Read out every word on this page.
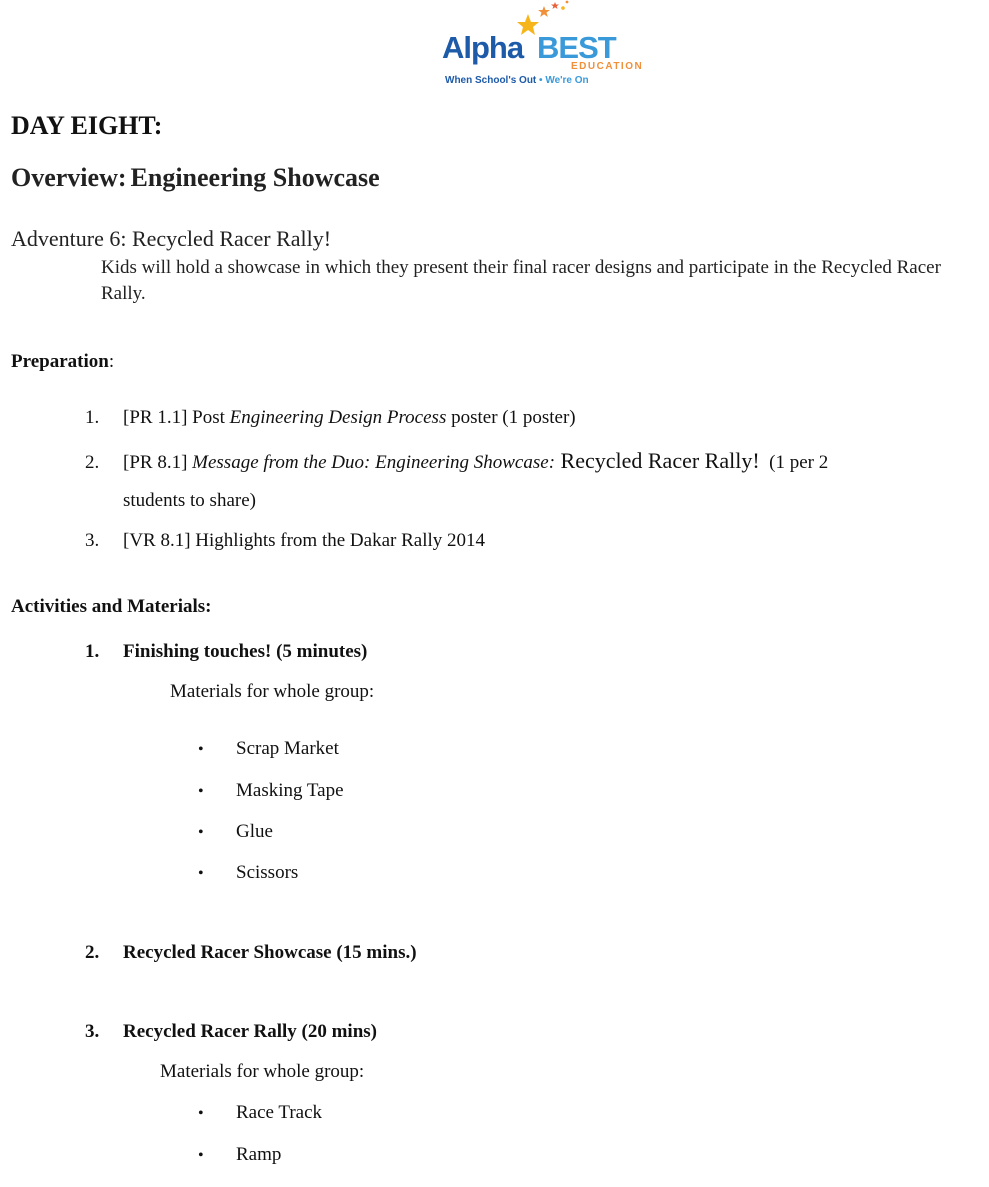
Alpha BEST
EDUCATION
When School's Out • We're On
DAY EIGHT:
Overview: Engineering Showcase
Adventure 6: Recycled Racer Rally!
Kids will hold a showcase in which they present their final racer designs and participate in the Recycled Racer Rally.
Preparation:
1. [PR 1.1] Post Engineering Design Process poster (1 poster)
2. [PR 8.1] Message from the Duo: Engineering Showcase: Recycled Racer Rally!  (1 per 2
students to share)
3. [VR 8.1] Highlights from the Dakar Rally 2014
Activities and Materials:
1. Finishing touches! (5 minutes)
Materials for whole group:
• Scrap Market
• Masking Tape
• Glue
• Scissors
2. Recycled Racer Showcase (15 mins.)
3. Recycled Racer Rally (20 mins)
Materials for whole group:
• Race Track
• Ramp
